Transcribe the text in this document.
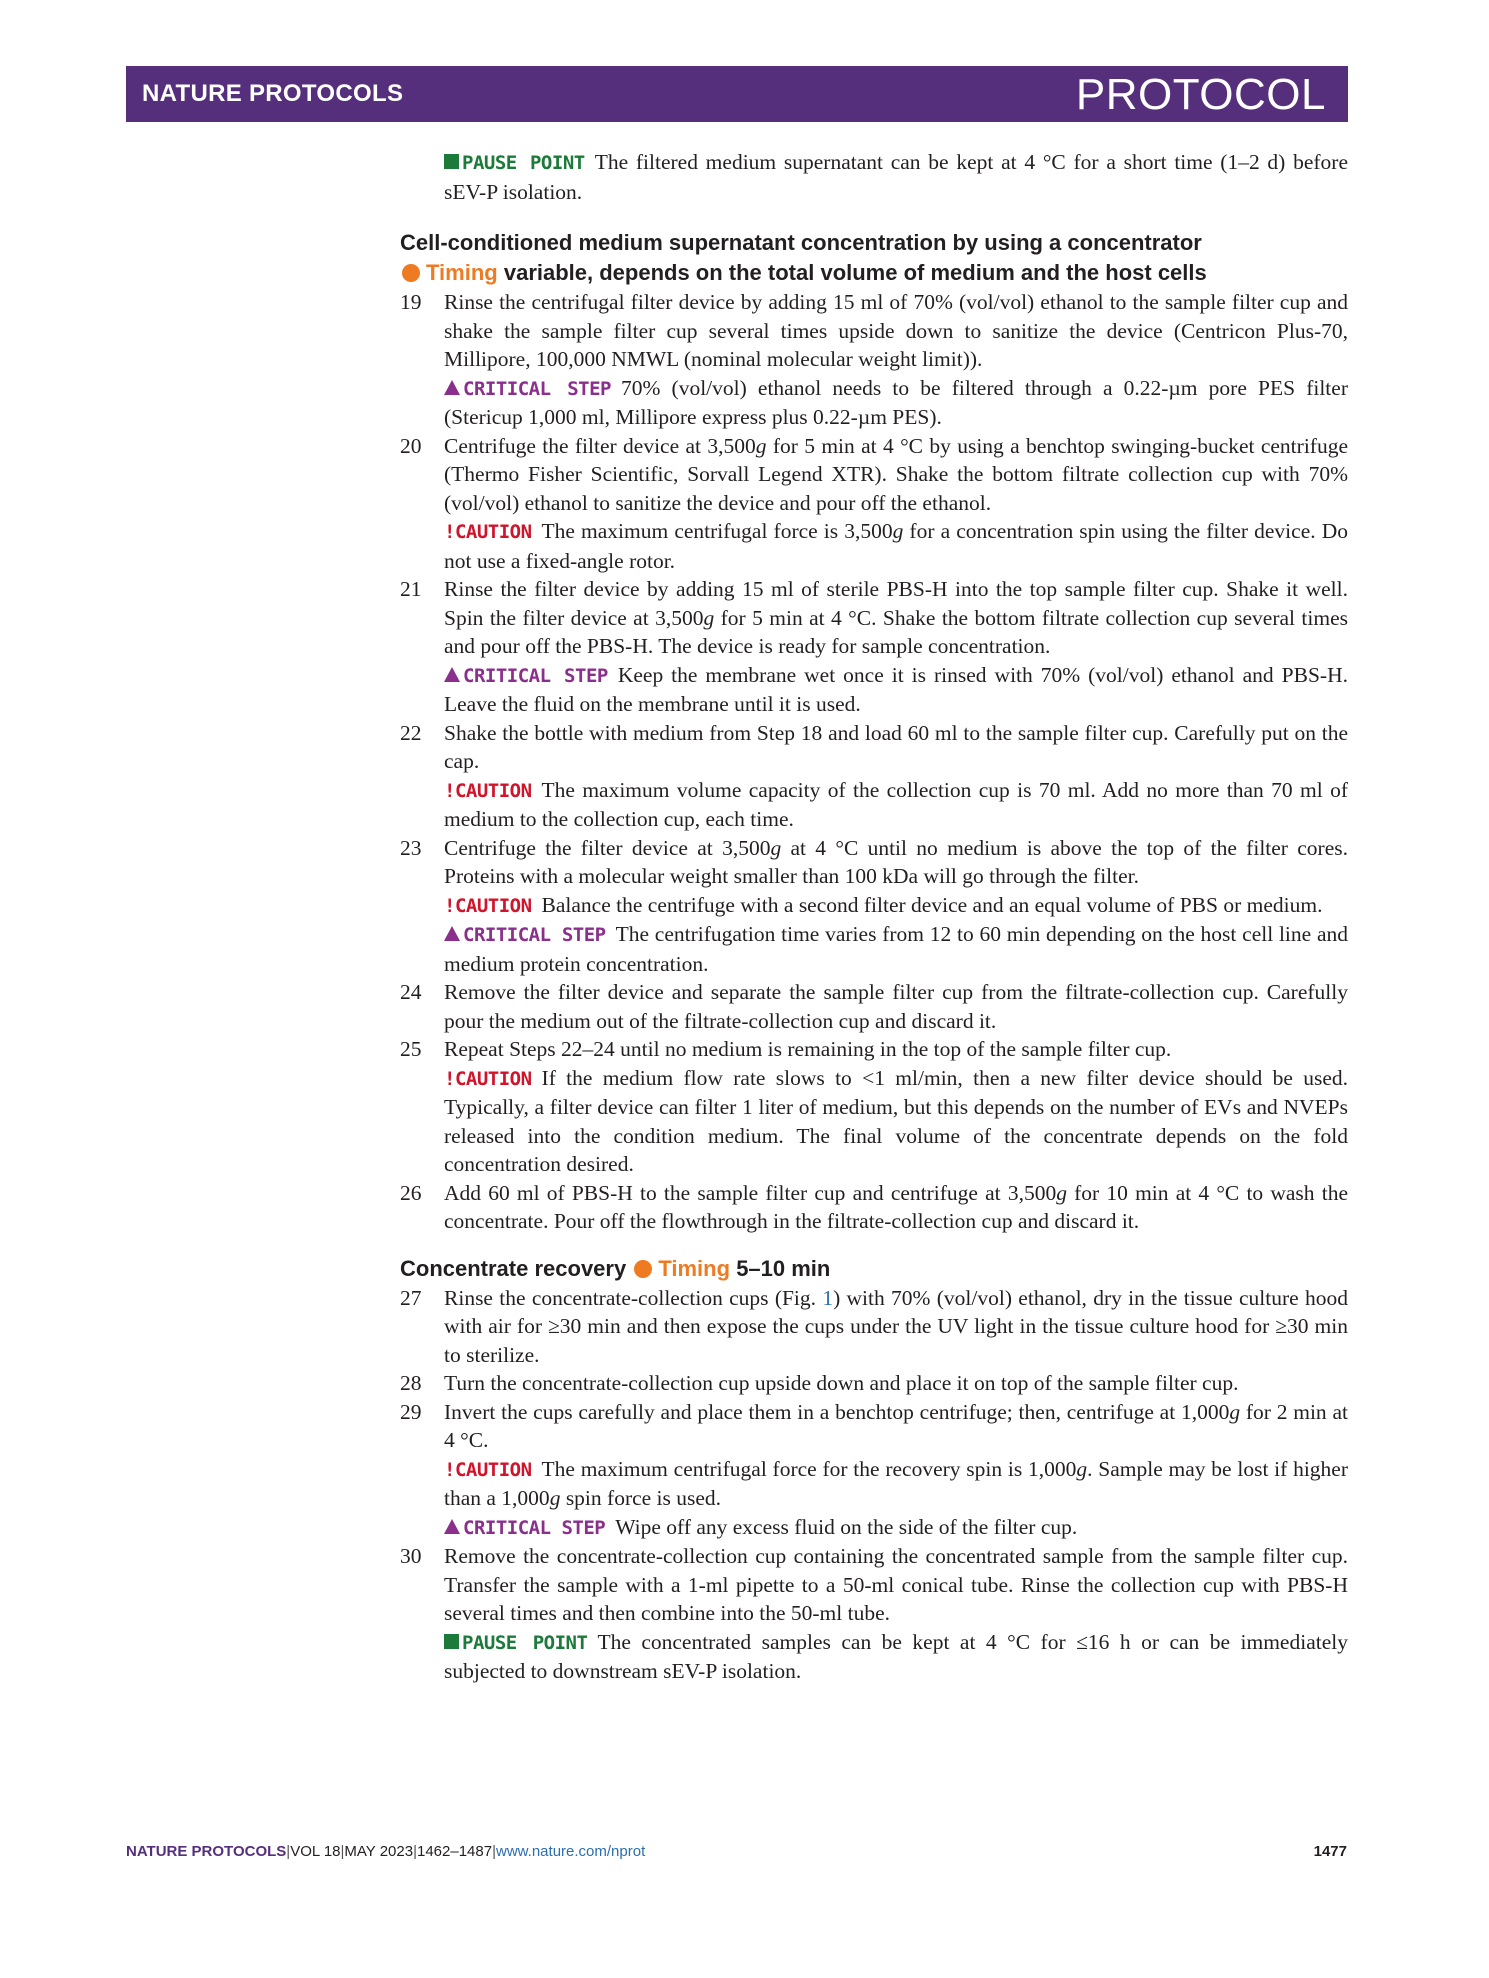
NATURE PROTOCOLS	PROTOCOL
PAUSE POINT The filtered medium supernatant can be kept at 4 °C for a short time (1–2 d) before sEV-P isolation.
Cell-conditioned medium supernatant concentration by using a concentrator
Timing variable, depends on the total volume of medium and the host cells
19 Rinse the centrifugal filter device by adding 15 ml of 70% (vol/vol) ethanol to the sample filter cup and shake the sample filter cup several times upside down to sanitize the device (Centricon Plus-70, Millipore, 100,000 NMWL (nominal molecular weight limit)).
CRITICAL STEP 70% (vol/vol) ethanol needs to be filtered through a 0.22-µm pore PES filter (Stericup 1,000 ml, Millipore express plus 0.22-µm PES).
20 Centrifuge the filter device at 3,500g for 5 min at 4 °C by using a benchtop swinging-bucket centrifuge (Thermo Fisher Scientific, Sorvall Legend XTR). Shake the bottom filtrate collection cup with 70% (vol/vol) ethanol to sanitize the device and pour off the ethanol.
!CAUTION The maximum centrifugal force is 3,500g for a concentration spin using the filter device. Do not use a fixed-angle rotor.
21 Rinse the filter device by adding 15 ml of sterile PBS-H into the top sample filter cup. Shake it well. Spin the filter device at 3,500g for 5 min at 4 °C. Shake the bottom filtrate collection cup several times and pour off the PBS-H. The device is ready for sample concentration.
CRITICAL STEP Keep the membrane wet once it is rinsed with 70% (vol/vol) ethanol and PBS-H. Leave the fluid on the membrane until it is used.
22 Shake the bottle with medium from Step 18 and load 60 ml to the sample filter cup. Carefully put on the cap.
!CAUTION The maximum volume capacity of the collection cup is 70 ml. Add no more than 70 ml of medium to the collection cup, each time.
23 Centrifuge the filter device at 3,500g at 4 °C until no medium is above the top of the filter cores. Proteins with a molecular weight smaller than 100 kDa will go through the filter.
!CAUTION Balance the centrifuge with a second filter device and an equal volume of PBS or medium.
CRITICAL STEP The centrifugation time varies from 12 to 60 min depending on the host cell line and medium protein concentration.
24 Remove the filter device and separate the sample filter cup from the filtrate-collection cup. Carefully pour the medium out of the filtrate-collection cup and discard it.
25 Repeat Steps 22–24 until no medium is remaining in the top of the sample filter cup.
!CAUTION If the medium flow rate slows to <1 ml/min, then a new filter device should be used. Typically, a filter device can filter 1 liter of medium, but this depends on the number of EVs and NVEPs released into the condition medium. The final volume of the concentrate depends on the fold concentration desired.
26 Add 60 ml of PBS-H to the sample filter cup and centrifuge at 3,500g for 10 min at 4 °C to wash the concentrate. Pour off the flowthrough in the filtrate-collection cup and discard it.
Concentrate recovery Timing 5–10 min
27 Rinse the concentrate-collection cups (Fig. 1) with 70% (vol/vol) ethanol, dry in the tissue culture hood with air for ≥30 min and then expose the cups under the UV light in the tissue culture hood for ≥30 min to sterilize.
28 Turn the concentrate-collection cup upside down and place it on top of the sample filter cup.
29 Invert the cups carefully and place them in a benchtop centrifuge; then, centrifuge at 1,000g for 2 min at 4 °C.
!CAUTION The maximum centrifugal force for the recovery spin is 1,000g. Sample may be lost if higher than a 1,000g spin force is used.
CRITICAL STEP Wipe off any excess fluid on the side of the filter cup.
30 Remove the concentrate-collection cup containing the concentrated sample from the sample filter cup. Transfer the sample with a 1-ml pipette to a 50-ml conical tube. Rinse the collection cup with PBS-H several times and then combine into the 50-ml tube.
PAUSE POINT The concentrated samples can be kept at 4 °C for ≤16 h or can be immediately subjected to downstream sEV-P isolation.
NATURE PROTOCOLS|VOL 18|MAY 2023|1462–1487|www.nature.com/nprot	1477
